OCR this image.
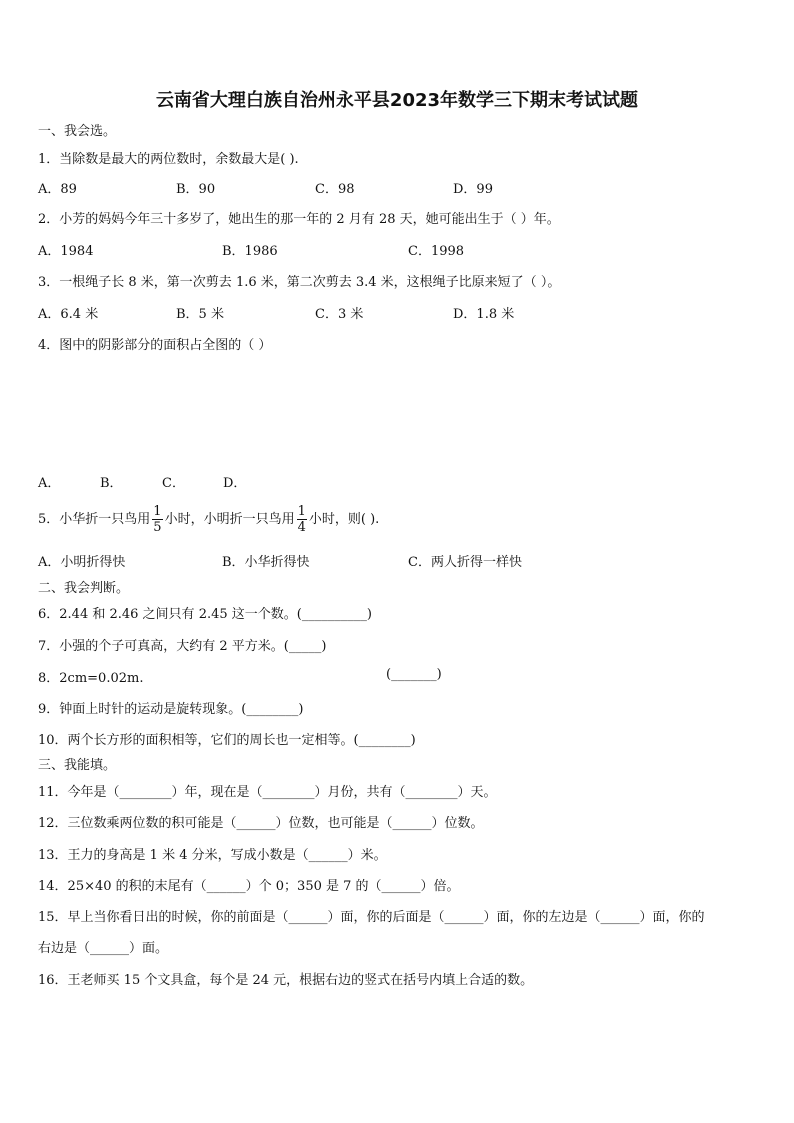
云南省大理白族自治州永平县2023年数学三下期末考试试题
一、我会选。
1．当除数是最大的两位数时，余数最大是( ).
A．89	B．90	C．98	D．99
2．小芳的妈妈今年三十多岁了，她出生的那一年的 2 月有 28 天，她可能出生于（ ）年。
A．1984	B．1986	C．1998
3．一根绳子长 8 米，第一次剪去 1.6 米，第二次剪去 3.4 米，这根绳子比原来短了（ ）。
A．6.4 米	B．5 米	C．3 米	D．1.8 米
4．图中的阴影部分的面积占全图的（ ）
A．	B．	C．	D．
5．小华折一只鸟用 $\frac{1}{5}$ 小时，小明折一只鸟用 $\frac{1}{4}$ 小时，则( ).
A．小明折得快	B．小华折得快	C．两人折得一样快
二、我会判断。
6．2.44 和 2.46 之间只有 2.45 这一个数。(__________)
7．小强的个子可真高，大约有 2 平方米。(_____)
8．2cm=0.02m.	(_______)
9．钟面上时针的运动是旋转现象。(________)
10．两个长方形的面积相等，它们的周长也一定相等。(________)
三、我能填。
11．今年是（________）年，现在是（________）月份，共有（________）天。
12．三位数乘两位数的积可能是（______）位数，也可能是（______）位数。
13．王力的身高是 1 米 4 分米，写成小数是（______）米。
14．25×40 的积的末尾有（______）个 0；350 是 7 的（______）倍。
15．早上当你看日出的时候，你的前面是（______）面，你的后面是（______）面，你的左边是（______）面，你的
右边是（______）面。
16．王老师买 15 个文具盒，每个是 24 元，根据右边的竖式在括号内填上合适的数。
